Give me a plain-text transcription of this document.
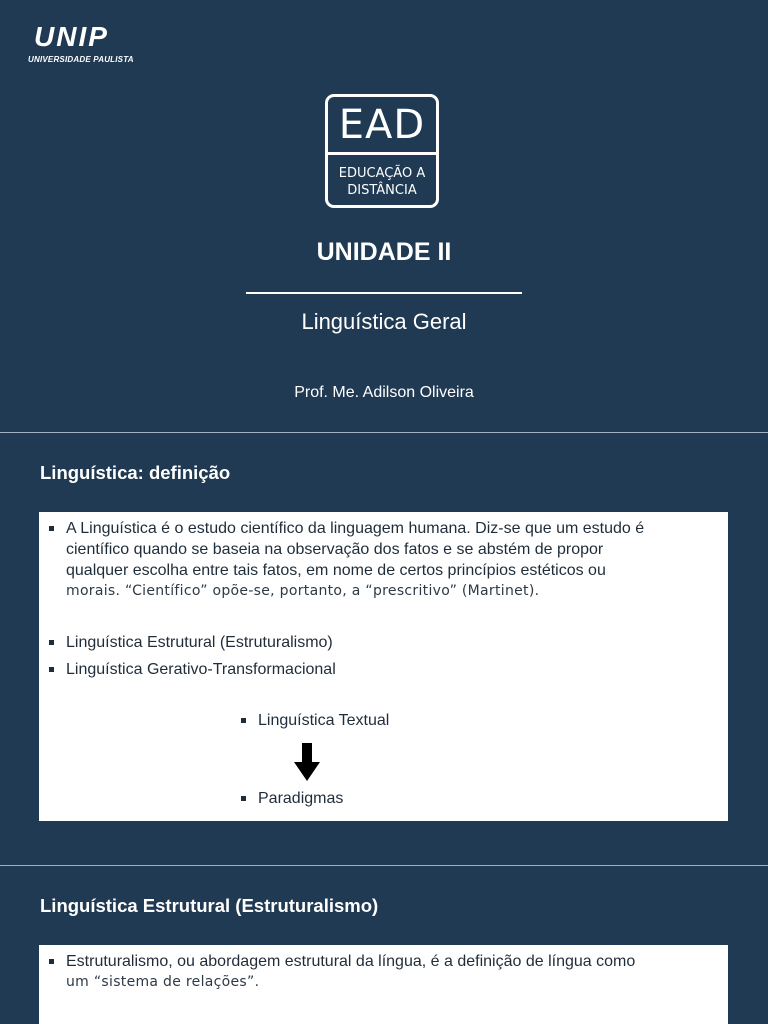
UNIP
UNIVERSIDADE PAULISTA
EAD
EDUCAÇÃO A
DISTÂNCIA
UNIDADE II
Linguística Geral
Prof. Me. Adilson Oliveira
Linguística: definição
A Linguística é o estudo científico da linguagem humana. Diz-se que um estudo é
científico quando se baseia na observação dos fatos e se abstém de propor
qualquer escolha entre tais fatos, em nome de certos princípios estéticos ou
morais. “Científico” opõe-se, portanto, a “prescritivo” (Martinet).
Linguística Estrutural (Estruturalismo)
Linguística Gerativo-Transformacional
Linguística Textual
Paradigmas
Linguística Estrutural (Estruturalismo)
Estruturalismo, ou abordagem estrutural da língua, é a definição de língua como
um “sistema de relações”.
